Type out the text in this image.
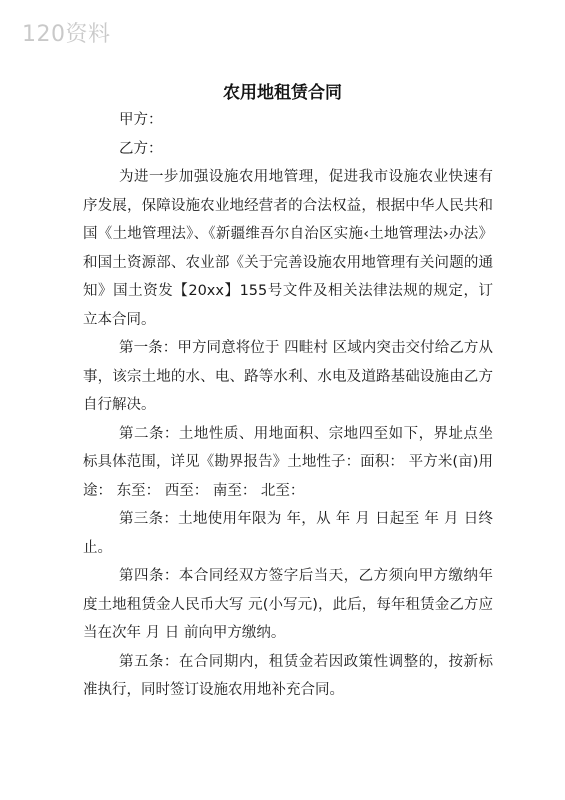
120资料
农用地租赁合同
甲方：
乙方：

为进一步加强设施农用地管理，促进我市设施农业快速有序发展，保障设施农业地经营者的合法权益，根据中华人民共和国《土地管理法》、《新疆维吾尔自治区实施‹土地管理法›办法》和国土资源部、农业部《关于完善设施农用地管理有关问题的通知》国土资发【20xx】155号文件及相关法律法规的规定，订立本合同。

第一条：甲方同意将位于 四畦村 区域内突击交付给乙方从事，该宗土地的水、电、路等水利、水电及道路基础设施由乙方自行解决。

第二条：土地性质、用地面积、宗地四至如下，界址点坐标具体范围，详见《勘界报告》土地性子：面积： 平方米(亩)用途： 东至： 西至： 南至： 北至：

第三条：土地使用年限为 年，从 年 月 日起至 年 月 日终止。

第四条：本合同经双方签字后当天，乙方须向甲方缴纳年度土地租赁金人民币大写 元(小写元)，此后，每年租赁金乙方应当在次年 月 日 前向甲方缴纳。

第五条：在合同期内，租赁金若因政策性调整的，按新标准执行，同时签订设施农用地补充合同。
